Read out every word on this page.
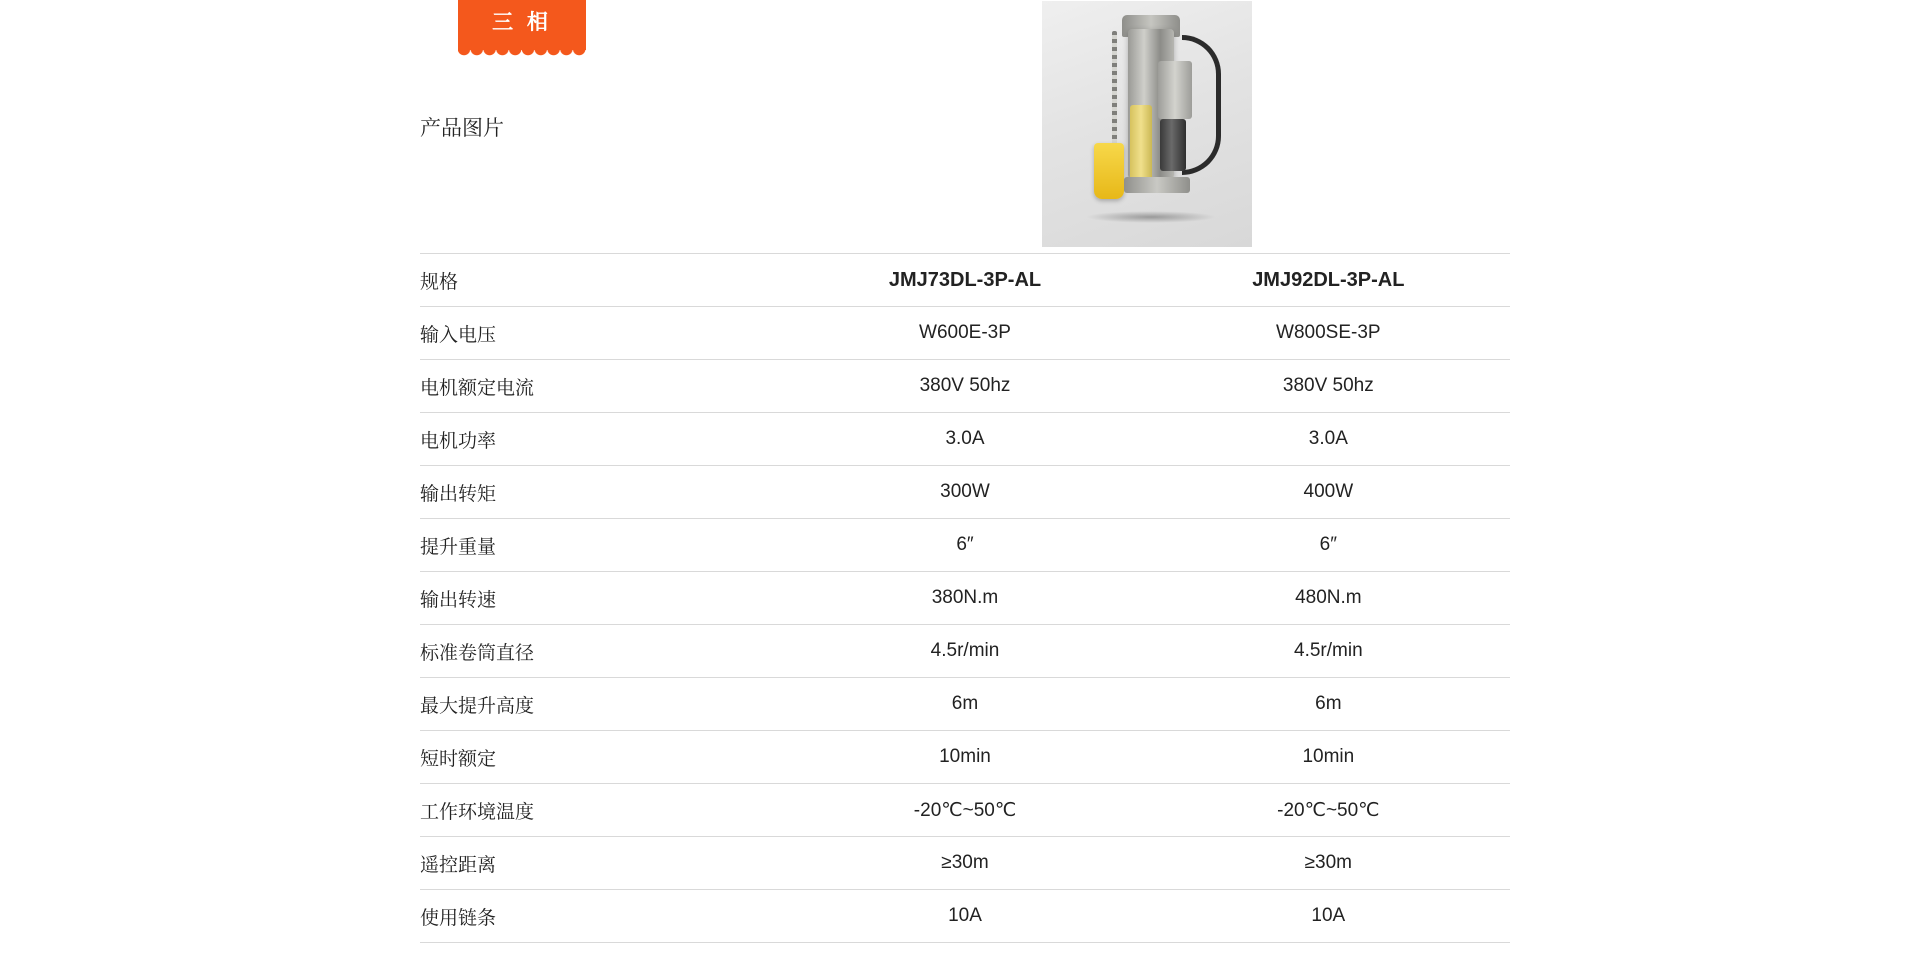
三 相
产品图片		

规格	JMJ73DL-3P-AL	JMJ92DL-3P-AL
输入电压	W600E-3P	W800SE-3P
电机额定电流	380V 50hz	380V 50hz
电机功率	3.0A	3.0A
输出转矩	300W	400W
提升重量	6″	6″
输出转速	380N.m	480N.m
标准卷筒直径	4.5r/min	4.5r/min
最大提升高度	6m	6m
短时额定	10min	10min
工作环境温度	-20℃~50℃	-20℃~50℃
遥控距离	≥30m	≥30m
使用链条	10A	10A
